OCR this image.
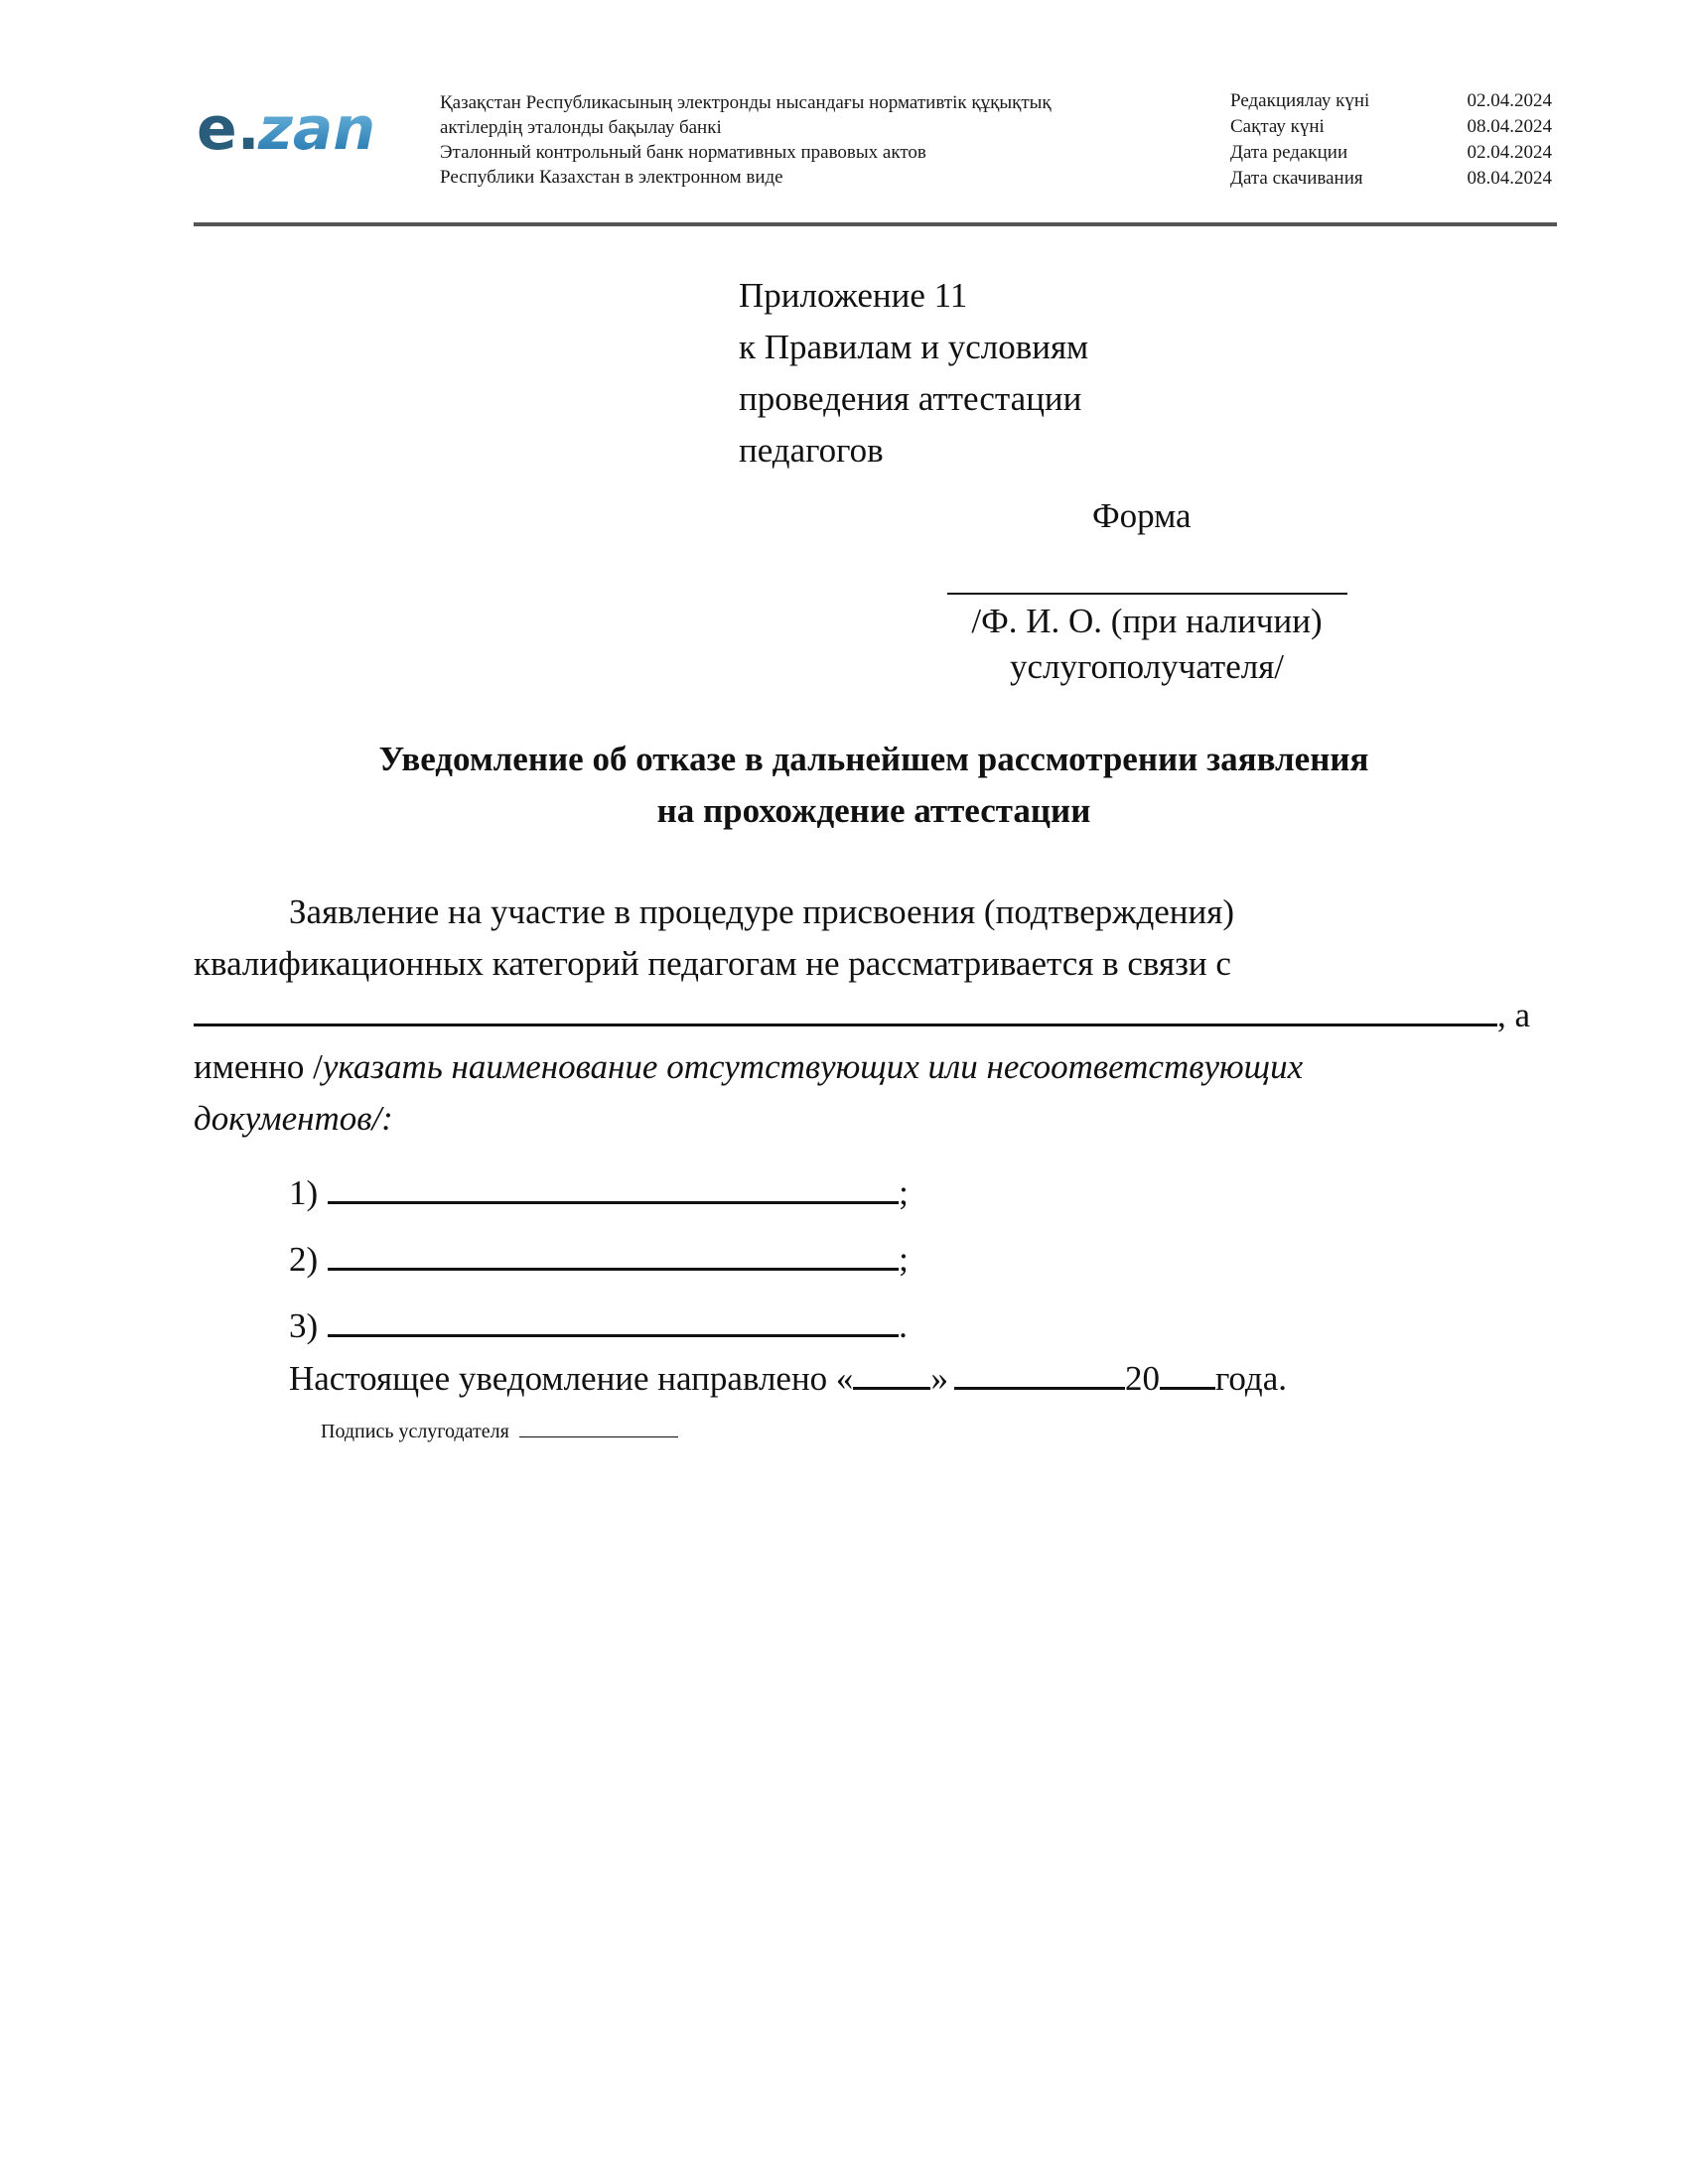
e.
zan	Қазақстан Республикасының электронды нысандағы нормативтік құқықтық
актілердің эталонды бақылау банкі
Эталонный контрольный банк нормативных правовых актов
Республики Казахстан в электронном виде
Редакциялау күні	02.04.2024
Сақтау күні	08.04.2024
Дата редакции	02.04.2024
Дата скачивания	08.04.2024
Приложение 11
к Правилам и условиям
проведения аттестации
педагогов
Форма
/Ф. И. О. (при наличии)
услугополучателя/
Уведомление об отказе в дальнейшем рассмотрении заявления
на прохождение аттестации
Заявление на участие в процедуре присвоения (подтверждения)
квалификационных категорий педагогам не рассматривается в связи с
, а
именно /указать наименование отсутствующих или несоответствующих
документов/:
1)	;
2)	;
3)	.
Настоящее уведомление направлено « »	20 года.
Подпись услугодателя
